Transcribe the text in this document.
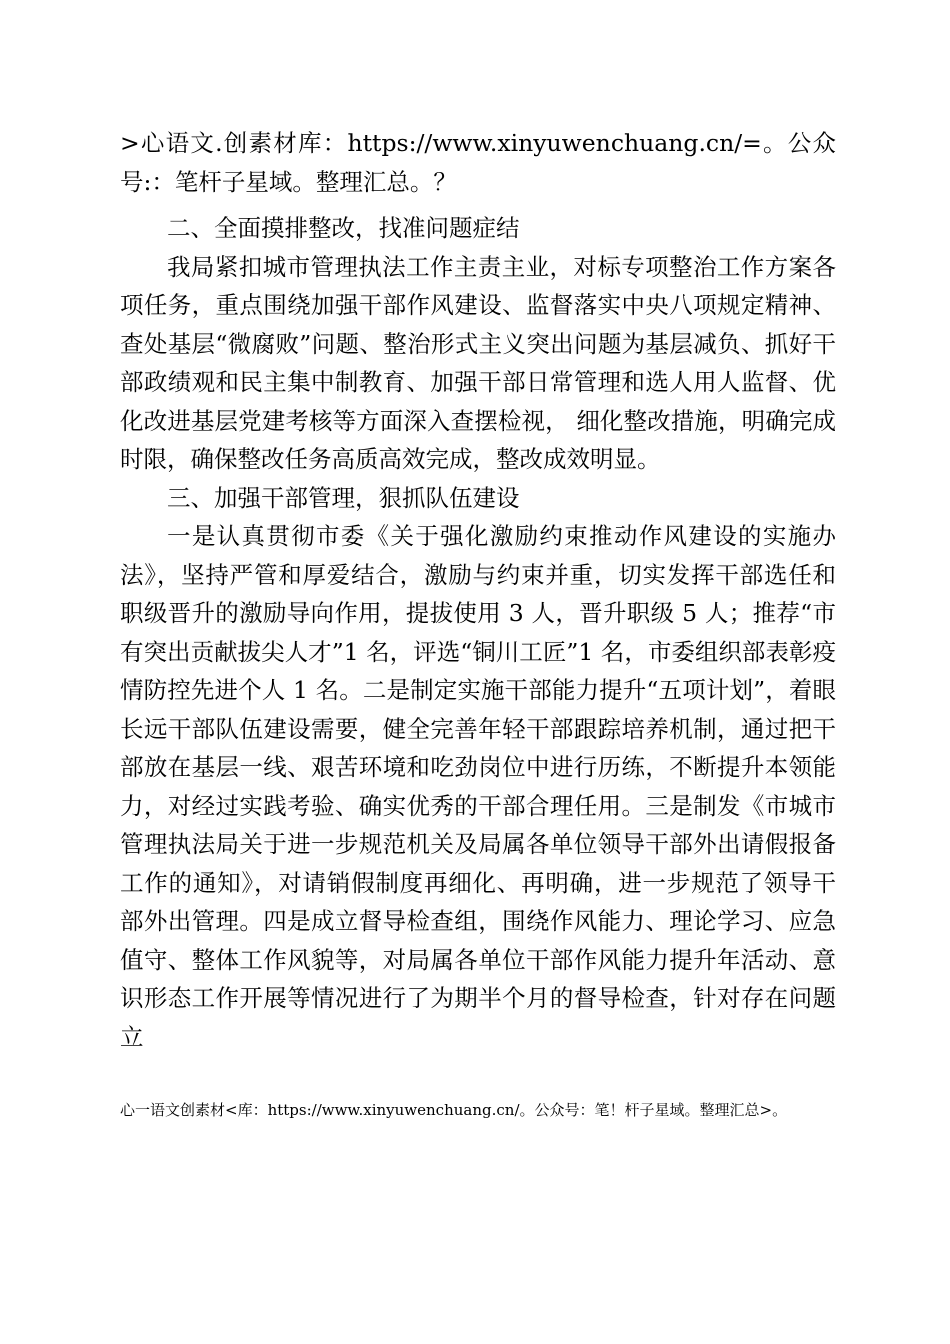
>心语文.创素材库：https://www.xinyuwenchuang.cn/=。公众号:：笔杆子星域。整理汇总。？

二、全面摸排整改，找准问题症结

我局紧扣城市管理执法工作主责主业，对标专项整治工作方案各项任务，重点围绕加强干部作风建设、监督落实中央八项规定精神、查处基层“微腐败”问题、整治形式主义突出问题为基层减负、抓好干部政绩观和民主集中制教育、加强干部日常管理和选人用人监督、优化改进基层党建考核等方面深入查摆检视， 细化整改措施，明确完成时限，确保整改任务高质高效完成，整改成效明显。

三、加强干部管理，狠抓队伍建设

一是认真贯彻市委《关于强化激励约束推动作风建设的实施办法》，坚持严管和厚爱结合，激励与约束并重，切实发挥干部选任和职级晋升的激励导向作用，提拔使用 3 人，晋升职级 5 人；推荐“市有突出贡献拔尖人才”1 名，评选“铜川工匠”1 名，市委组织部表彰疫情防控先进个人 1 名。二是制定实施干部能力提升“五项计划”，着眼长远干部队伍建设需要，健全完善年轻干部跟踪培养机制，通过把干部放在基层一线、艰苦环境和吃劲岗位中进行历练，不断提升本领能力，对经过实践考验、确实优秀的干部合理任用。三是制发《市城市管理执法局关于进一步规范机关及局属各单位领导干部外出请假报备工作的通知》，对请销假制度再细化、再明确，进一步规范了领导干部外出管理。四是成立督导检查组，围绕作风能力、理论学习、应急值守、整体工作风貌等，对局属各单位干部作风能力提升年活动、意识形态工作开展等情况进行了为期半个月的督导检查，针对存在问题立

心一语文创素材<库：https://www.xinyuwenchuang.cn/。公众号：笔！杆子星域。整理汇总>。
